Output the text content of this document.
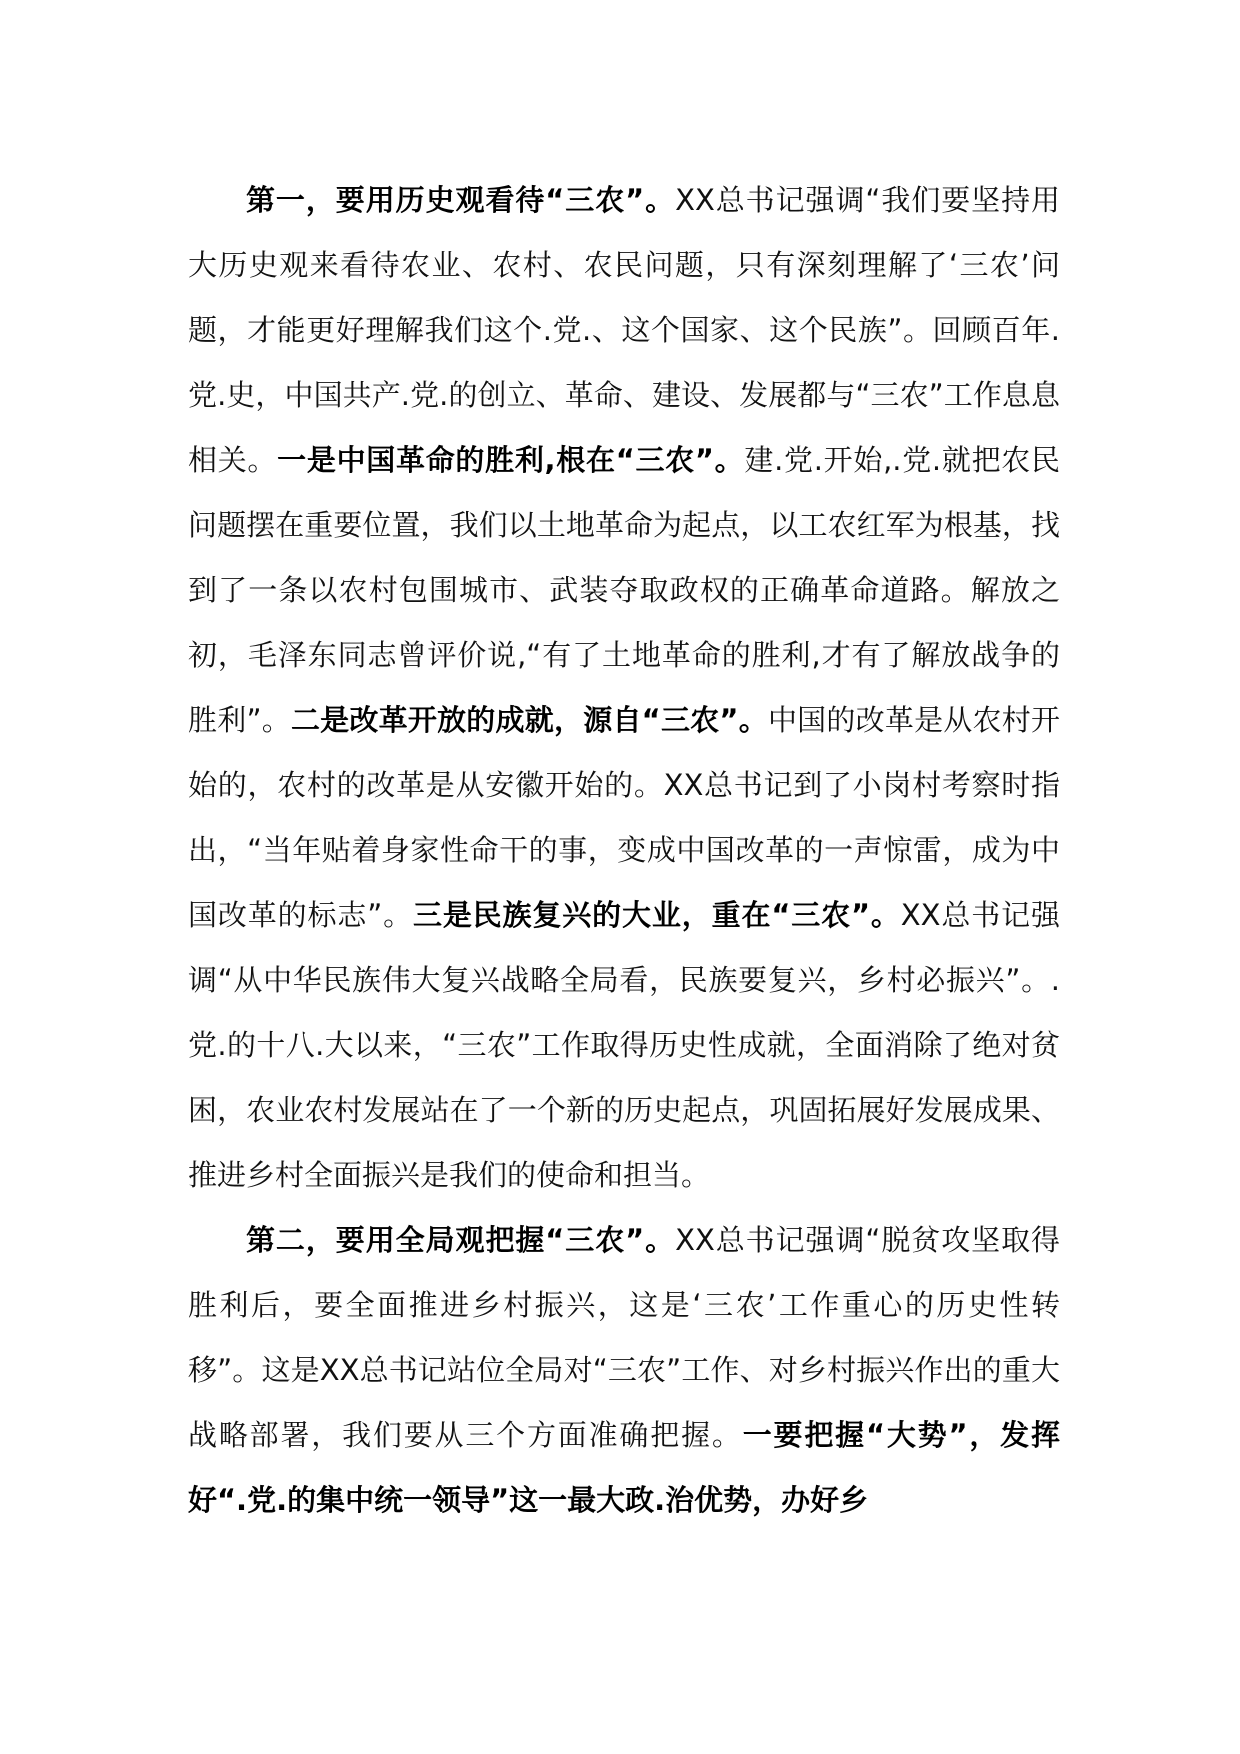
第一，要用历史观看待“三农”。XX总书记强调“我们要坚持用大历史观来看待农业、农村、农民问题，只有深刻理解了‘三农’问题，才能更好理解我们这个.党.、这个国家、这个民族”。回顾百年.党.史，中国共产.党.的创立、革命、建设、发展都与“三农”工作息息相关。一是中国革命的胜利,根在“三农”。建.党.开始,.党.就把农民问题摆在重要位置，我们以土地革命为起点，以工农红军为根基，找到了一条以农村包围城市、武装夺取政权的正确革命道路。解放之初，毛泽东同志曾评价说,“有了土地革命的胜利,才有了解放战争的胜利”。二是改革开放的成就，源自“三农”。中国的改革是从农村开始的，农村的改革是从安徽开始的。XX总书记到了小岗村考察时指出，“当年贴着身家性命干的事，变成中国改革的一声惊雷，成为中国改革的标志”。三是民族复兴的大业，重在“三农”。XX总书记强调“从中华民族伟大复兴战略全局看，民族要复兴，乡村必振兴”。.党.的十八.大以来，“三农”工作取得历史性成就，全面消除了绝对贫困，农业农村发展站在了一个新的历史起点，巩固拓展好发展成果、推进乡村全面振兴是我们的使命和担当。

第二，要用全局观把握“三农”。XX总书记强调“脱贫攻坚取得胜利后，要全面推进乡村振兴，这是‘三农’工作重心的历史性转移”。这是XX总书记站位全局对“三农”工作、对乡村振兴作出的重大战略部署，我们要从三个方面准确把握。一要把握“大势”，发挥好“.党.的集中统一领导”这一最大政.治优势，办好乡
